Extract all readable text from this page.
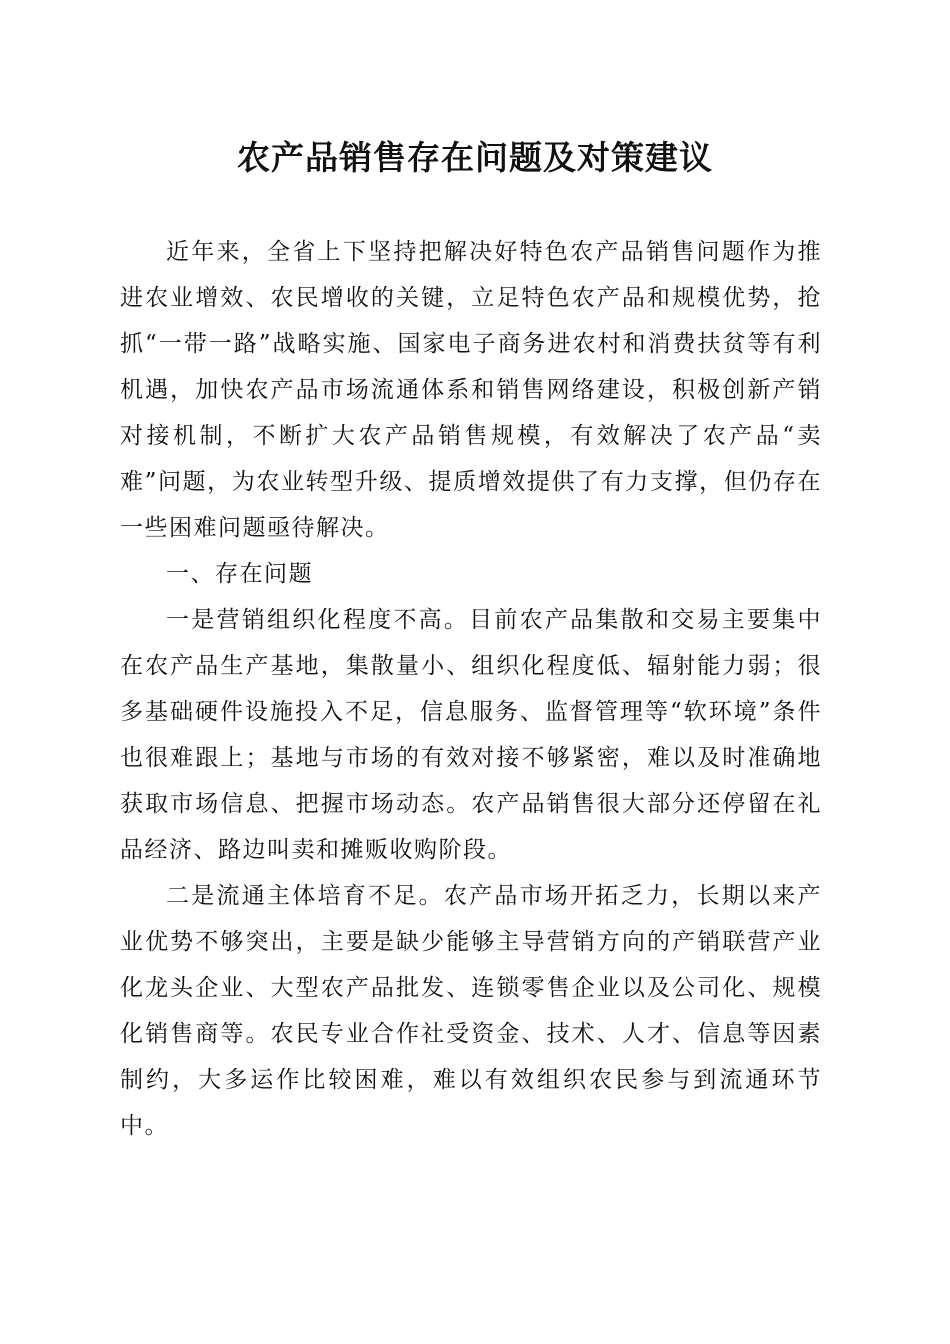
农产品销售存在问题及对策建议

近年来，全省上下坚持把解决好特色农产品销售问题作为推进农业增效、农民增收的关键，立足特色农产品和规模优势，抢抓“一带一路”战略实施、国家电子商务进农村和消费扶贫等有利机遇，加快农产品市场流通体系和销售网络建设，积极创新产销对接机制，不断扩大农产品销售规模，有效解决了农产品“卖难”问题，为农业转型升级、提质增效提供了有力支撑，但仍存在一些困难问题亟待解决。

一、存在问题

一是营销组织化程度不高。目前农产品集散和交易主要集中在农产品生产基地，集散量小、组织化程度低、辐射能力弱；很多基础硬件设施投入不足，信息服务、监督管理等“软环境”条件也很难跟上；基地与市场的有效对接不够紧密，难以及时准确地获取市场信息、把握市场动态。农产品销售很大部分还停留在礼品经济、路边叫卖和摊贩收购阶段。

二是流通主体培育不足。农产品市场开拓乏力，长期以来产业优势不够突出，主要是缺少能够主导营销方向的产销联营产业化龙头企业、大型农产品批发、连锁零售企业以及公司化、规模化销售商等。农民专业合作社受资金、技术、人才、信息等因素制约，大多运作比较困难，难以有效组织农民参与到流通环节中。
